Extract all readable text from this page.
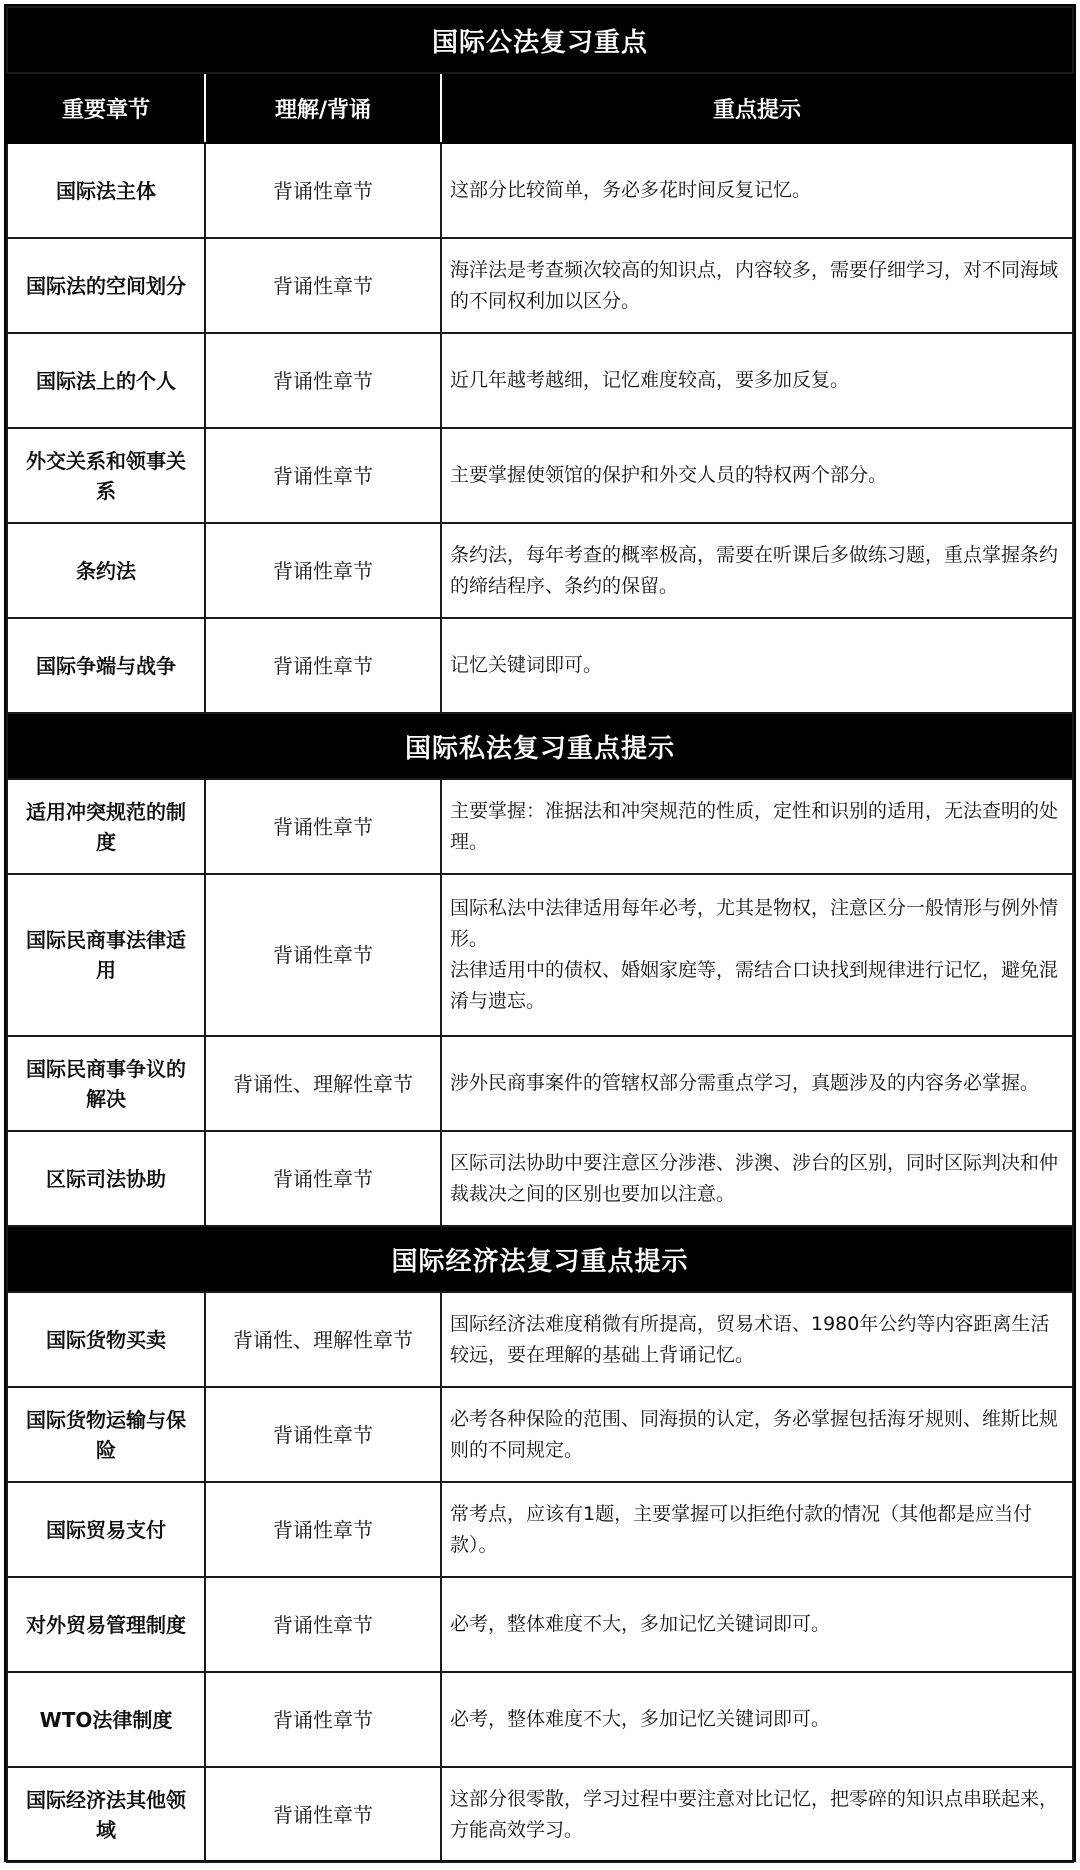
国际公法复习重点		
重要章节	理解/背诵	重点提示
国际法主体	背诵性章节	这部分比较简单，务必多花时间反复记忆。

国际法的空间划分	背诵性章节	海洋法是考查频次较高的知识点，内容较多，需要仔细学习，对不同海域的不同权利加以区分。

国际法上的个人	背诵性章节	近几年越考越细，记忆难度较高，要多加反复。

外交关系和领事关系	背诵性章节	主要掌握使领馆的保护和外交人员的特权两个部分。

条约法	背诵性章节	条约法，每年考查的概率极高，需要在听课后多做练习题，重点掌握条约的缔结程序、条约的保留。

国际争端与战争	背诵性章节	记忆关键词即可。

国际私法复习重点提示		
适用冲突规范的制度	背诵性章节	主要掌握：准据法和冲突规范的性质，定性和识别的适用，无法查明的处理。

国际民商事法律适用	背诵性章节	国际私法中法律适用每年必考，尤其是物权，注意区分一般情形与例外情形。
法律适用中的债权、婚姻家庭等，需结合口诀找到规律进行记忆，避免混淆与遗忘。

国际民商事争议的解决	背诵性、理解性章节	涉外民商事案件的管辖权部分需重点学习，真题涉及的内容务必掌握。

区际司法协助	背诵性章节	区际司法协助中要注意区分涉港、涉澳、涉台的区别，同时区际判决和仲裁裁决之间的区别也要加以注意。

国际经济法复习重点提示		
国际货物买卖	背诵性、理解性章节	国际经济法难度稍微有所提高，贸易术语、1980年公约等内容距离生活较远，要在理解的基础上背诵记忆。

国际货物运输与保险	背诵性章节	必考各种保险的范围、同海损的认定，务必掌握包括海牙规则、维斯比规则的不同规定。

国际贸易支付	背诵性章节	常考点，应该有1题，主要掌握可以拒绝付款的情况（其他都是应当付款）。

对外贸易管理制度	背诵性章节	必考，整体难度不大，多加记忆关键词即可。

WTO法律制度	背诵性章节	必考，整体难度不大，多加记忆关键词即可。

国际经济法其他领域	背诵性章节	这部分很零散，学习过程中要注意对比记忆，把零碎的知识点串联起来，方能高效学习。
